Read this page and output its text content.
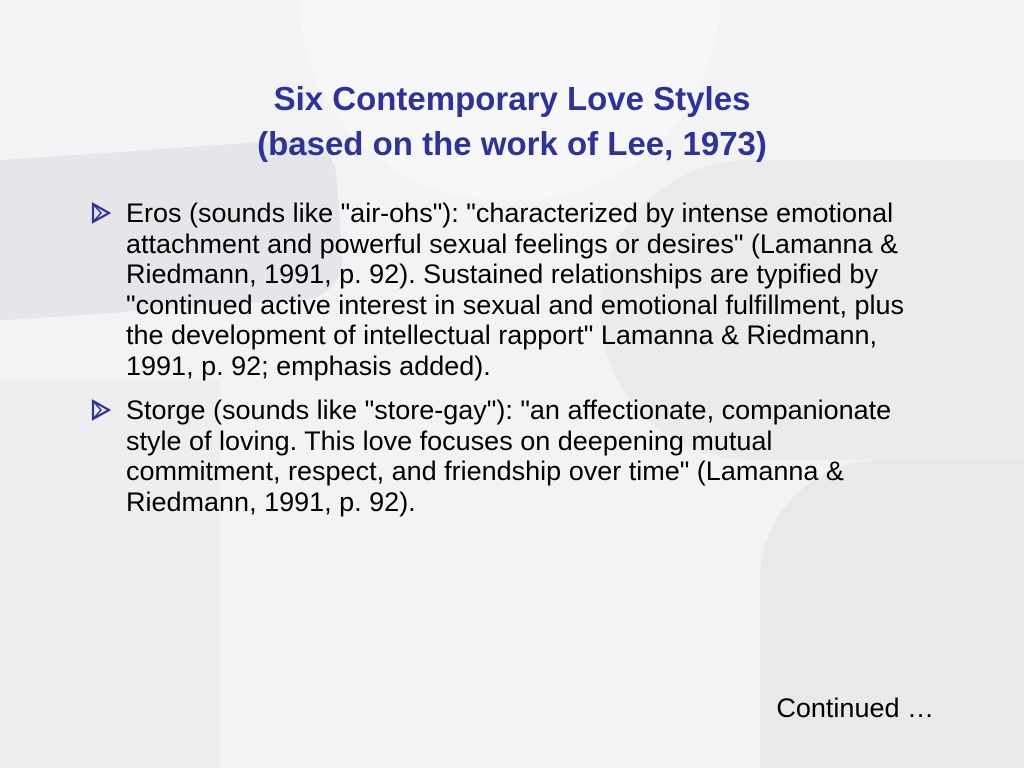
Six Contemporary Love Styles
(based on the work of Lee, 1973)
Eros (sounds like "air-ohs"): "characterized by intense emotional attachment and powerful sexual feelings or desires" (Lamanna & Riedmann, 1991, p. 92). Sustained relationships are typified by "continued active interest in sexual and emotional fulfillment, plus the development of intellectual rapport" Lamanna & Riedmann, 1991, p. 92; emphasis added).
Storge (sounds like "store-gay"): "an affectionate, companionate style of loving. This love focuses on deepening mutual commitment, respect, and friendship over time" (Lamanna & Riedmann, 1991, p. 92).
Continued …
